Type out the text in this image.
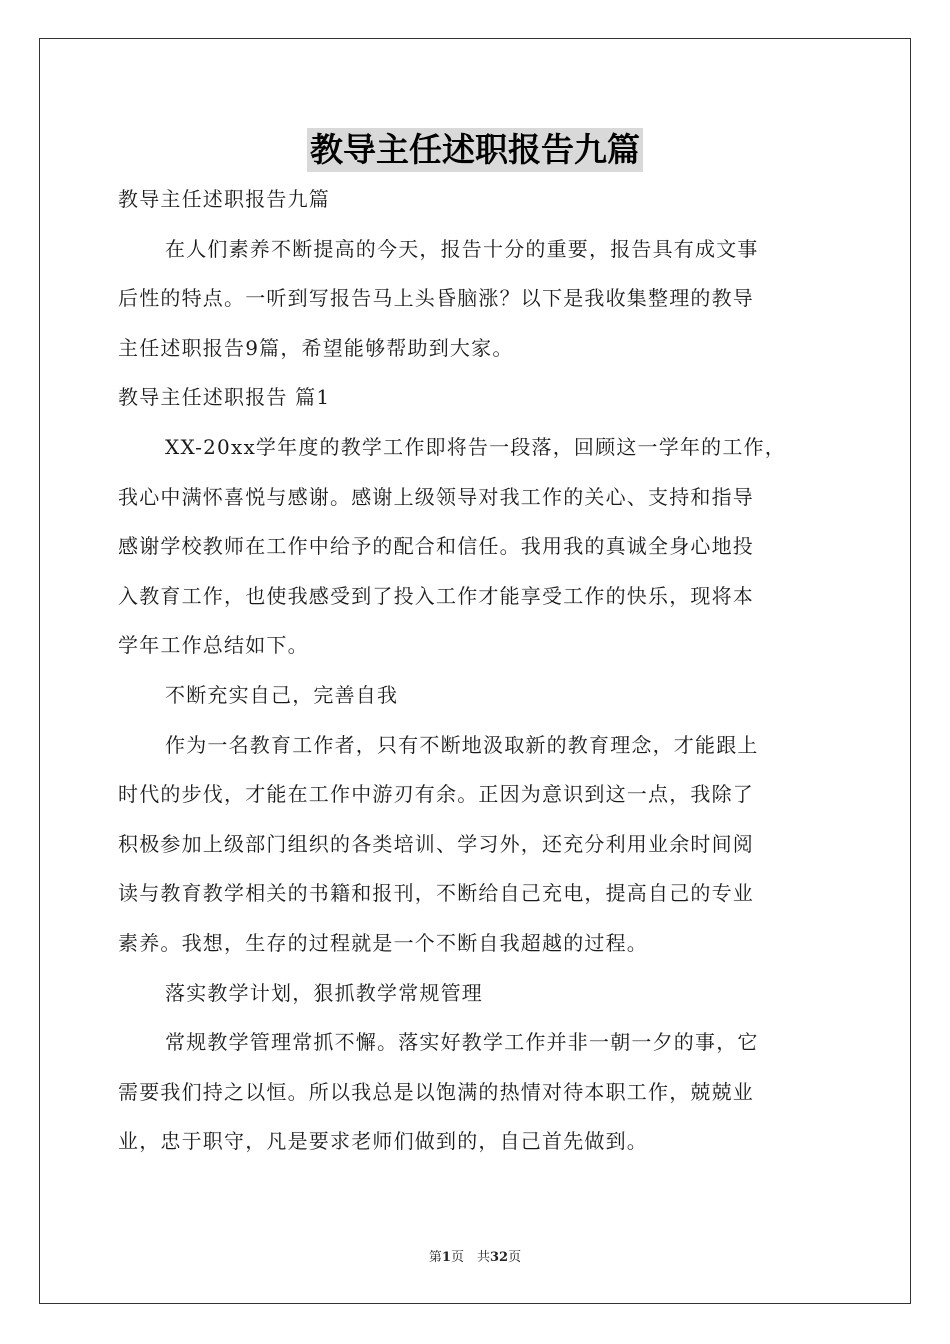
教导主任述职报告九篇
教导主任述职报告九篇
在人们素养不断提高的今天，报告十分的重要，报告具有成文事
后性的特点。一听到写报告马上头昏脑涨？以下是我收集整理的教导
主任述职报告9篇，希望能够帮助到大家。
教导主任述职报告 篇1
XX-20xx学年度的教学工作即将告一段落，回顾这一学年的工作，
我心中满怀喜悦与感谢。感谢上级领导对我工作的关心、支持和指导
感谢学校教师在工作中给予的配合和信任。我用我的真诚全身心地投
入教育工作，也使我感受到了投入工作才能享受工作的快乐，现将本
学年工作总结如下。
不断充实自己，完善自我
作为一名教育工作者，只有不断地汲取新的教育理念，才能跟上
时代的步伐，才能在工作中游刃有余。正因为意识到这一点，我除了
积极参加上级部门组织的各类培训、学习外，还充分利用业余时间阅
读与教育教学相关的书籍和报刊，不断给自己充电，提高自己的专业
素养。我想，生存的过程就是一个不断自我超越的过程。
落实教学计划，狠抓教学常规管理
常规教学管理常抓不懈。落实好教学工作并非一朝一夕的事，它
需要我们持之以恒。所以我总是以饱满的热情对待本职工作，兢兢业
业，忠于职守，凡是要求老师们做到的，自己首先做到。
第1页　共32页
